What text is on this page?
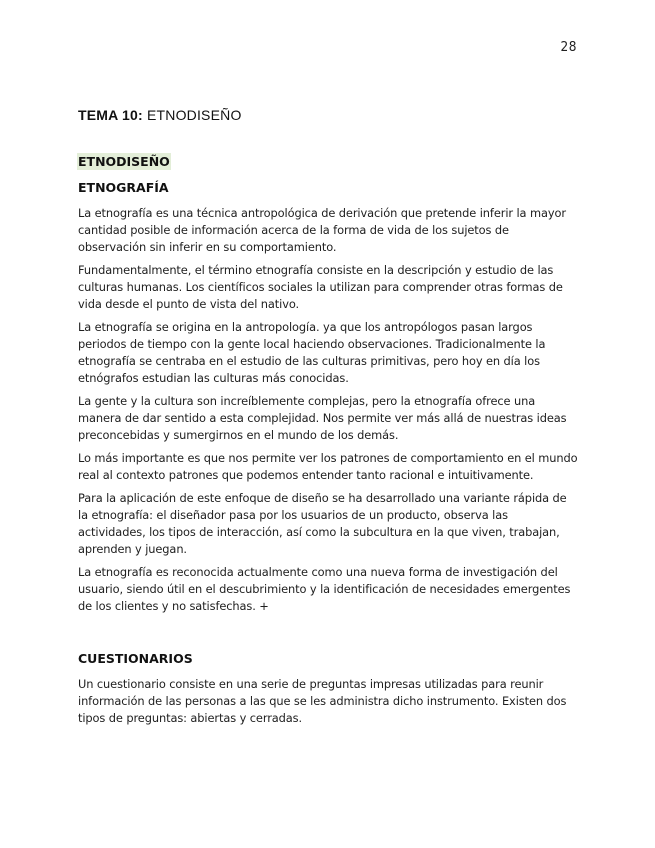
28
TEMA 10: ETNODISEÑO
ETNODISEÑO
ETNOGRAFÍA

La etnografía es una técnica antropológica de derivación que pretende inferir la mayor cantidad posible de información acerca de la forma de vida de los sujetos de observación sin inferir en su comportamiento.

Fundamentalmente, el término etnografía consiste en la descripción y estudio de las culturas humanas. Los científicos sociales la utilizan para comprender otras formas de vida desde el punto de vista del nativo.

La etnografía se origina en la antropología. ya que los antropólogos pasan largos periodos de tiempo con la gente local haciendo observaciones. Tradicionalmente la etnografía se centraba en el estudio de las culturas primitivas, pero hoy en día los etnógrafos estudian las culturas más conocidas.

La gente y la cultura son increíblemente complejas, pero la etnografía ofrece una manera de dar sentido a esta complejidad. Nos permite ver más allá de nuestras ideas preconcebidas y sumergirnos en el mundo de los demás.

Lo más importante es que nos permite ver los patrones de comportamiento en el mundo real al contexto patrones que podemos entender tanto racional e intuitivamente.

Para la aplicación de este enfoque de diseño se ha desarrollado una variante rápida de la etnografía: el diseñador pasa por los usuarios de un producto, observa las actividades, los tipos de interacción, así como la subcultura en la que viven, trabajan, aprenden y juegan.

La etnografía es reconocida actualmente como una nueva forma de investigación del usuario, siendo útil en el descubrimiento y la identificación de necesidades emergentes de los clientes y no satisfechas. +

CUESTIONARIOS

Un cuestionario consiste en una serie de preguntas impresas utilizadas para reunir información de las personas a las que se les administra dicho instrumento. Existen dos tipos de preguntas: abiertas y cerradas.
